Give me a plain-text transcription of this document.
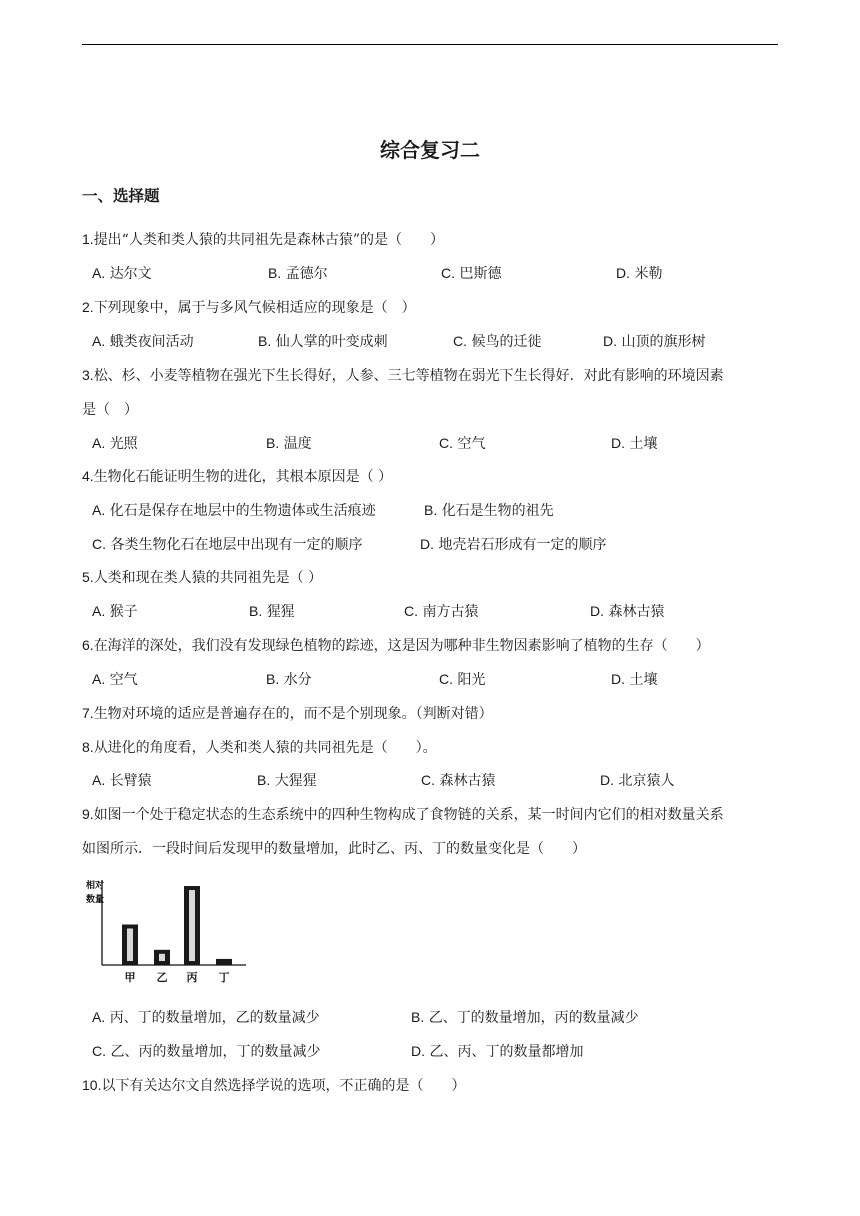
综合复习二
一、选择题
1.提出“人类和类人猿的共同祖先是森林古猿”的是（　　）
A. 达尔文	B. 孟德尔	C. 巴斯德	D. 米勒
2.下列现象中，属于与多风气候相适应的现象是（　）
A. 蛾类夜间活动	B. 仙人掌的叶变成刺	C. 候鸟的迁徙	D. 山顶的旗形树
3.松、杉、小麦等植物在强光下生长得好，人参、三七等植物在弱光下生长得好．对此有影响的环境因素
是（　）
A. 光照	B. 温度	C. 空气	D. 土壤
4.生物化石能证明生物的进化，其根本原因是（ ）
A. 化石是保存在地层中的生物遗体或生活痕迹	B. 化石是生物的祖先
C. 各类生物化石在地层中出现有一定的顺序	D. 地壳岩石形成有一定的顺序
5.人类和现在类人猿的共同祖先是（ ）
A. 猴子	B. 猩猩	C. 南方古猿	D. 森林古猿
6.在海洋的深处，我们没有发现绿色植物的踪迹，这是因为哪种非生物因素影响了植物的生存（　　）
A. 空气	B. 水分	C. 阳光	D. 土壤
7.生物对环境的适应是普遍存在的，而不是个别现象。（判断对错）
8.从进化的角度看，人类和类人猿的共同祖先是（　　）。
A. 长臂猿	B. 大猩猩	C. 森林古猿	D. 北京猿人
9.如图一个处于稳定状态的生态系统中的四种生物构成了食物链的关系，某一时间内它们的相对数量关系
如图所示．一段时间后发现甲的数量增加，此时乙、丙、丁的数量变化是（　　）
甲 乙 丙 丁
相 对
数 量
A. 丙、丁的数量增加，乙的数量减少	B. 乙、丁的数量增加，丙的数量减少
C. 乙、丙的数量增加，丁的数量减少	D. 乙、丙、丁的数量都增加
10.以下有关达尔文自然选择学说的选项，不正确的是（　　）
